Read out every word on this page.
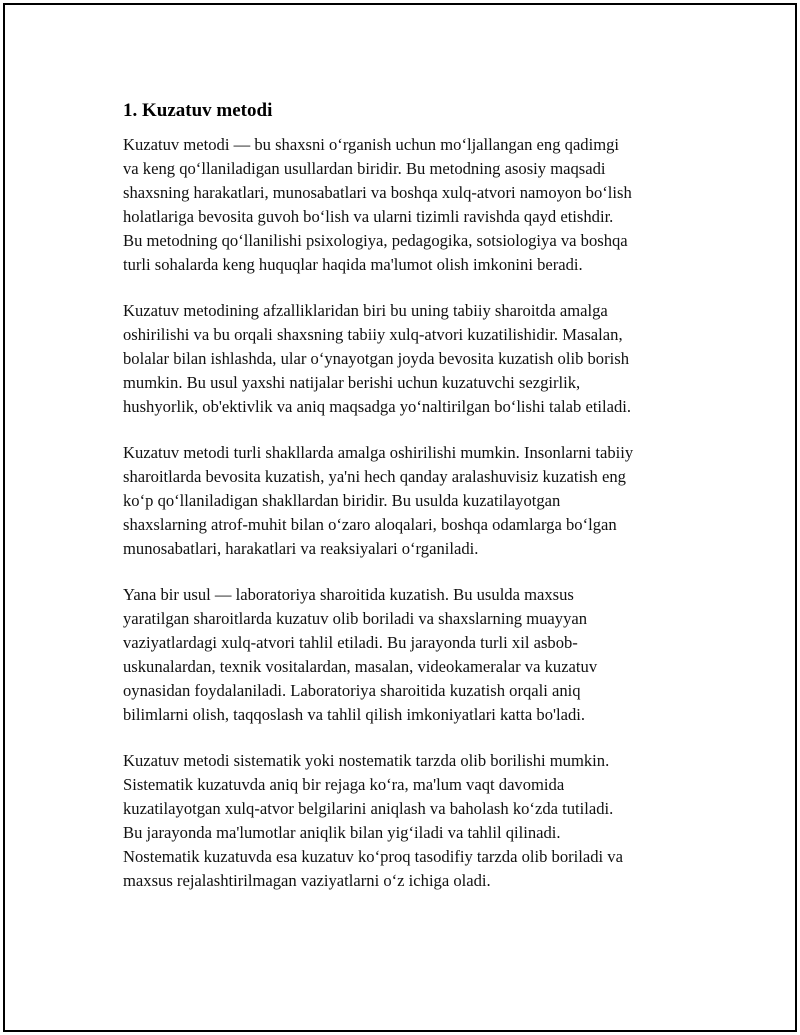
1. Kuzatuv metodi

Kuzatuv metodi — bu shaxsni o‘rganish uchun mo‘ljallangan eng qadimgi
va keng qo‘llaniladigan usullardan biridir. Bu metodning asosiy maqsadi
shaxsning harakatlari, munosabatlari va boshqa xulq-atvori namoyon bo‘lish
holatlariga bevosita guvoh bo‘lish va ularni tizimli ravishda qayd etishdir.
Bu metodning qo‘llanilishi psixologiya, pedagogika, sotsiologiya va boshqa
turli sohalarda keng huquqlar haqida ma'lumot olish imkonini beradi.

Kuzatuv metodining afzalliklaridan biri bu uning tabiiy sharoitda amalga
oshirilishi va bu orqali shaxsning tabiiy xulq-atvori kuzatilishidir. Masalan,
bolalar bilan ishlashda, ular o‘ynayotgan joyda bevosita kuzatish olib borish
mumkin. Bu usul yaxshi natijalar berishi uchun kuzatuvchi sezgirlik,
hushyorlik, ob'ektivlik va aniq maqsadga yo‘naltirilgan bo‘lishi talab etiladi.

Kuzatuv metodi turli shakllarda amalga oshirilishi mumkin. Insonlarni tabiiy
sharoitlarda bevosita kuzatish, ya'ni hech qanday aralashuvisiz kuzatish eng
ko‘p qo‘llaniladigan shakllardan biridir. Bu usulda kuzatilayotgan
shaxslarning atrof-muhit bilan o‘zaro aloqalari, boshqa odamlarga bo‘lgan
munosabatlari, harakatlari va reaksiyalari o‘rganiladi.

Yana bir usul — laboratoriya sharoitida kuzatish. Bu usulda maxsus
yaratilgan sharoitlarda kuzatuv olib boriladi va shaxslarning muayyan
vaziyatlardagi xulq-atvori tahlil etiladi. Bu jarayonda turli xil asbob-
uskunalardan, texnik vositalardan, masalan, videokameralar va kuzatuv
oynasidan foydalaniladi. Laboratoriya sharoitida kuzatish orqali aniq
bilimlarni olish, taqqoslash va tahlil qilish imkoniyatlari katta bo'ladi.

Kuzatuv metodi sistematik yoki nostematik tarzda olib borilishi mumkin.
Sistematik kuzatuvda aniq bir rejaga ko‘ra, ma'lum vaqt davomida
kuzatilayotgan xulq-atvor belgilarini aniqlash va baholash ko‘zda tutiladi.
Bu jarayonda ma'lumotlar aniqlik bilan yig‘iladi va tahlil qilinadi.
Nostematik kuzatuvda esa kuzatuv ko‘proq tasodifiy tarzda olib boriladi va
maxsus rejalashtirilmagan vaziyatlarni o‘z ichiga oladi.
